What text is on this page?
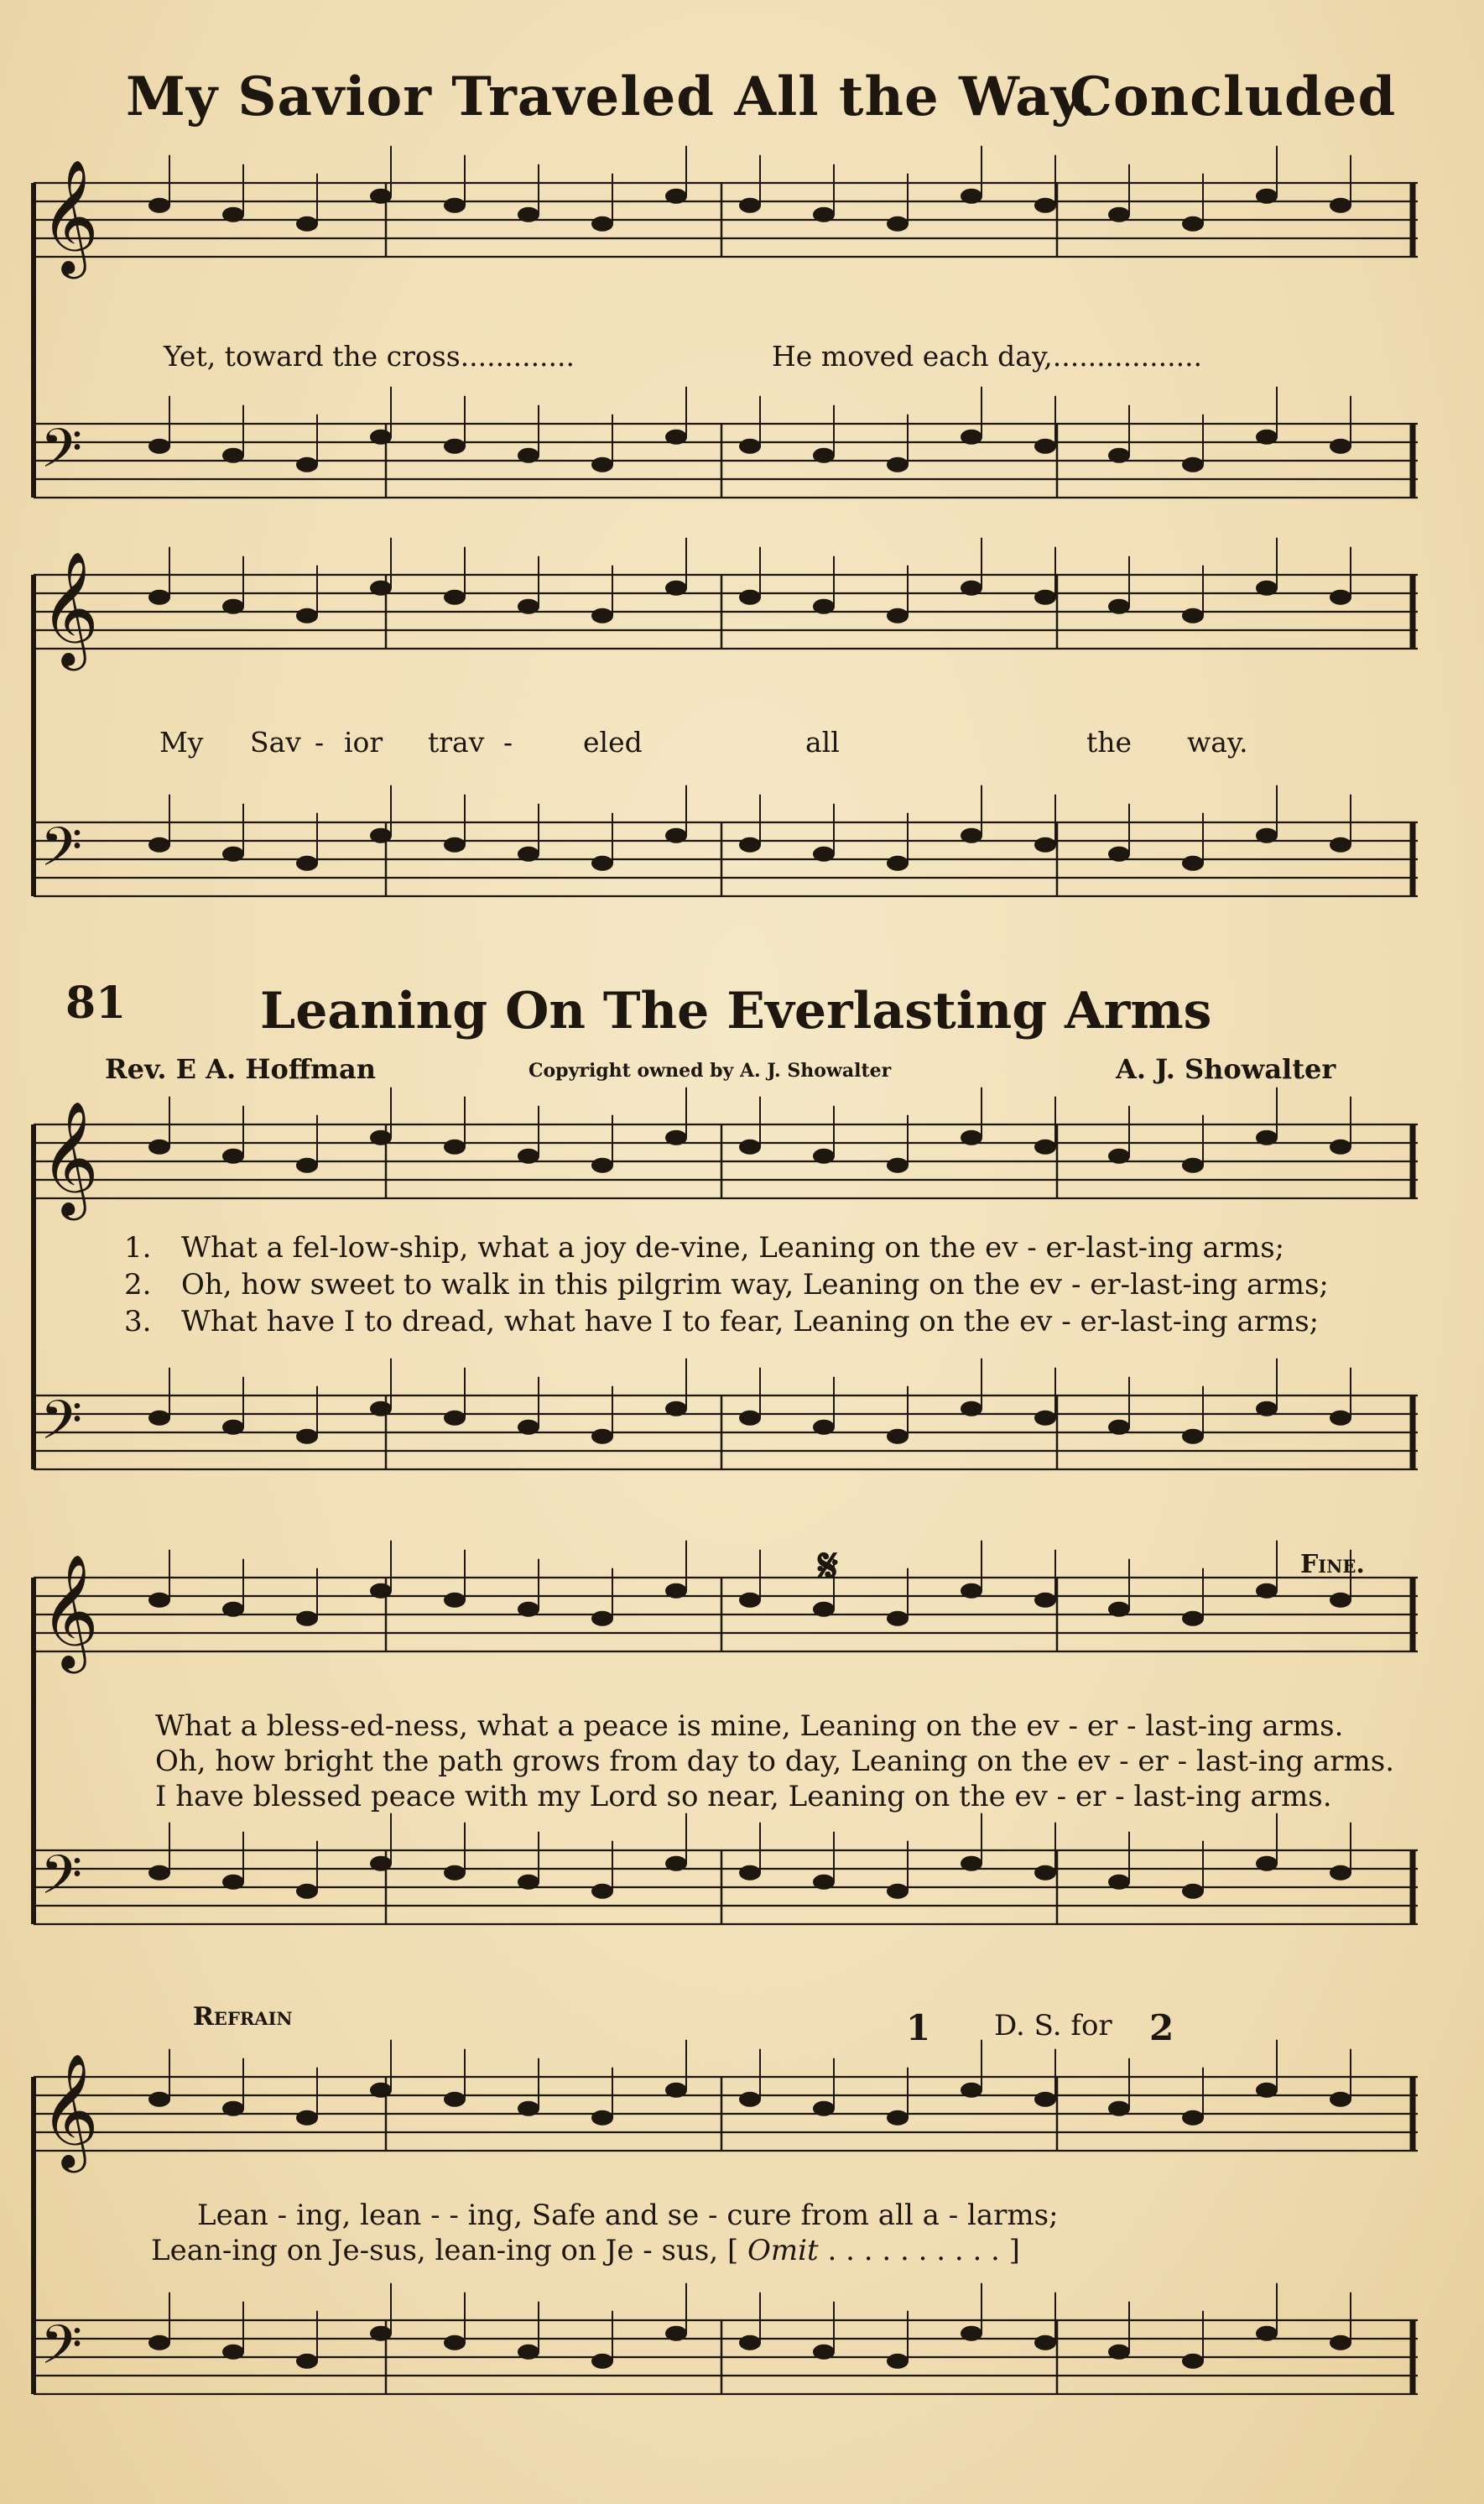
My Savior Traveled All the Way.
Concluded
𝄞
𝄢
Yet, toward the cross.............	He moved each day,.................
𝄞
𝄢
My Sav - ior trav -	eled	all	the way.
81	Leaning On The Everlasting Arms
Rev. E A. Hoffman	Copyright owned by A. J. Showalter	A. J. Showalter
𝄞
𝄢
1. What a fel-low-ship, what a joy de-vine, Leaning on the ev - er-last-ing arms;
2. Oh, how sweet to walk in this pilgrim way, Leaning on the ev - er-last-ing arms;
3. What have I to dread, what have I to fear, Leaning on the ev - er-last-ing arms;
𝄞
𝄢
𝄋	Fine.
What a bless-ed-ness, what a peace is mine, Leaning on the ev - er - last-ing arms.
Oh, how bright the path grows from day to day, Leaning on the ev - er - last-ing arms.
I have blessed peace with my Lord so near, Leaning on the ev - er - last-ing arms.
𝄞
𝄢
Refrain	1 D. S. for 2
Lean - ing, lean - - ing, Safe and se - cure from all a - larms;
Lean-ing on Je-sus, lean-ing on Je - sus, [ Omit . . . . . . . . . . ]
